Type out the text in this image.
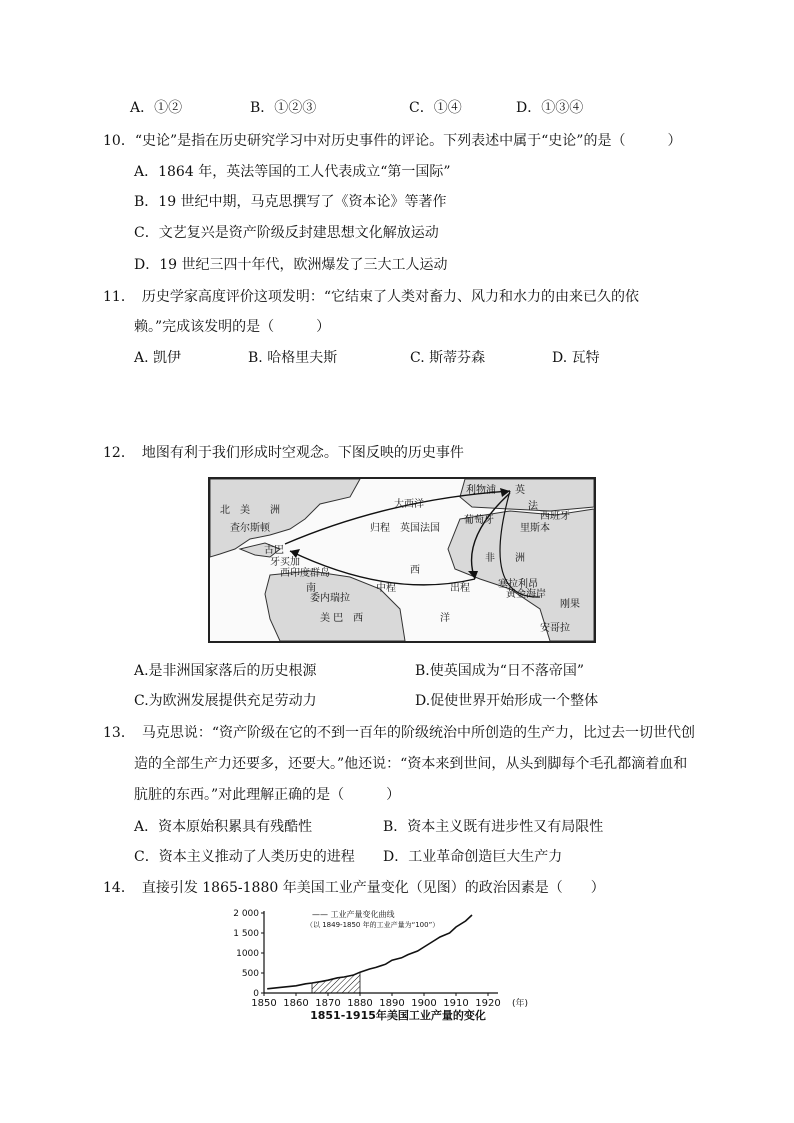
A．①②	B．①②③	C．①④	D．①③④
10．“史论”是指在历史研究学习中对历史事件的评论。下列表述中属于“史论”的是（　　　）
A．1864 年，英法等国的工人代表成立“第一国际”
B．19 世纪中期，马克思撰写了《资本论》等著作
C．文艺复兴是资产阶级反封建思想文化解放运动
D．19 世纪三四十年代，欧洲爆发了三大工人运动
11．　历史学家高度评价这项发明：“它结束了人类对畜力、风力和水力的由来已久的依
赖。”完成该发明的是（　　　）
A. 凯伊	B. 哈格里夫斯	C. 斯蒂芬森	D. 瓦特
12．　地图有利于我们形成时空观念。下图反映的历史事件
北　美　　洲
大西洋
利物浦
法
英
查尔斯顿	归程　英国法国
葡萄牙	西班牙
里斯本
古巴
牙买加
西印度群岛
非　　洲
西
中程	出程	塞拉利昂
黄金海岸
刚果
南
委内瑞拉
美 巴　西	洋
安哥拉
A.是非洲国家落后的历史根源	B.使英国成为“日不落帝国”
C.为欧洲发展提供充足劳动力	D.促使世界开始形成一个整体
13．　马克思说：“资产阶级在它的不到一百年的阶级统治中所创造的生产力，比过去一切世代创
造的全部生产力还要多，还要大。”他还说：“资本来到世间，从头到脚每个毛孔都滴着血和
肮脏的东西。”对此理解正确的是（　　　）
A．资本原始积累具有残酷性	B．资本主义既有进步性又有局限性
C．资本主义推动了人类历史的进程 D．工业革命创造巨大生产力
14．　直接引发 1865-1880 年美国工业产量变化（见图）的政治因素是（　　）
1850 1860 1870 1880 1890 1900 1910 1920 (年)
0
500
1000
1 500
2 000	—— 工业产量变化曲线
（以 1849-1850 年的工业产量为“100”）
1851-1915年美国工业产量的变化
